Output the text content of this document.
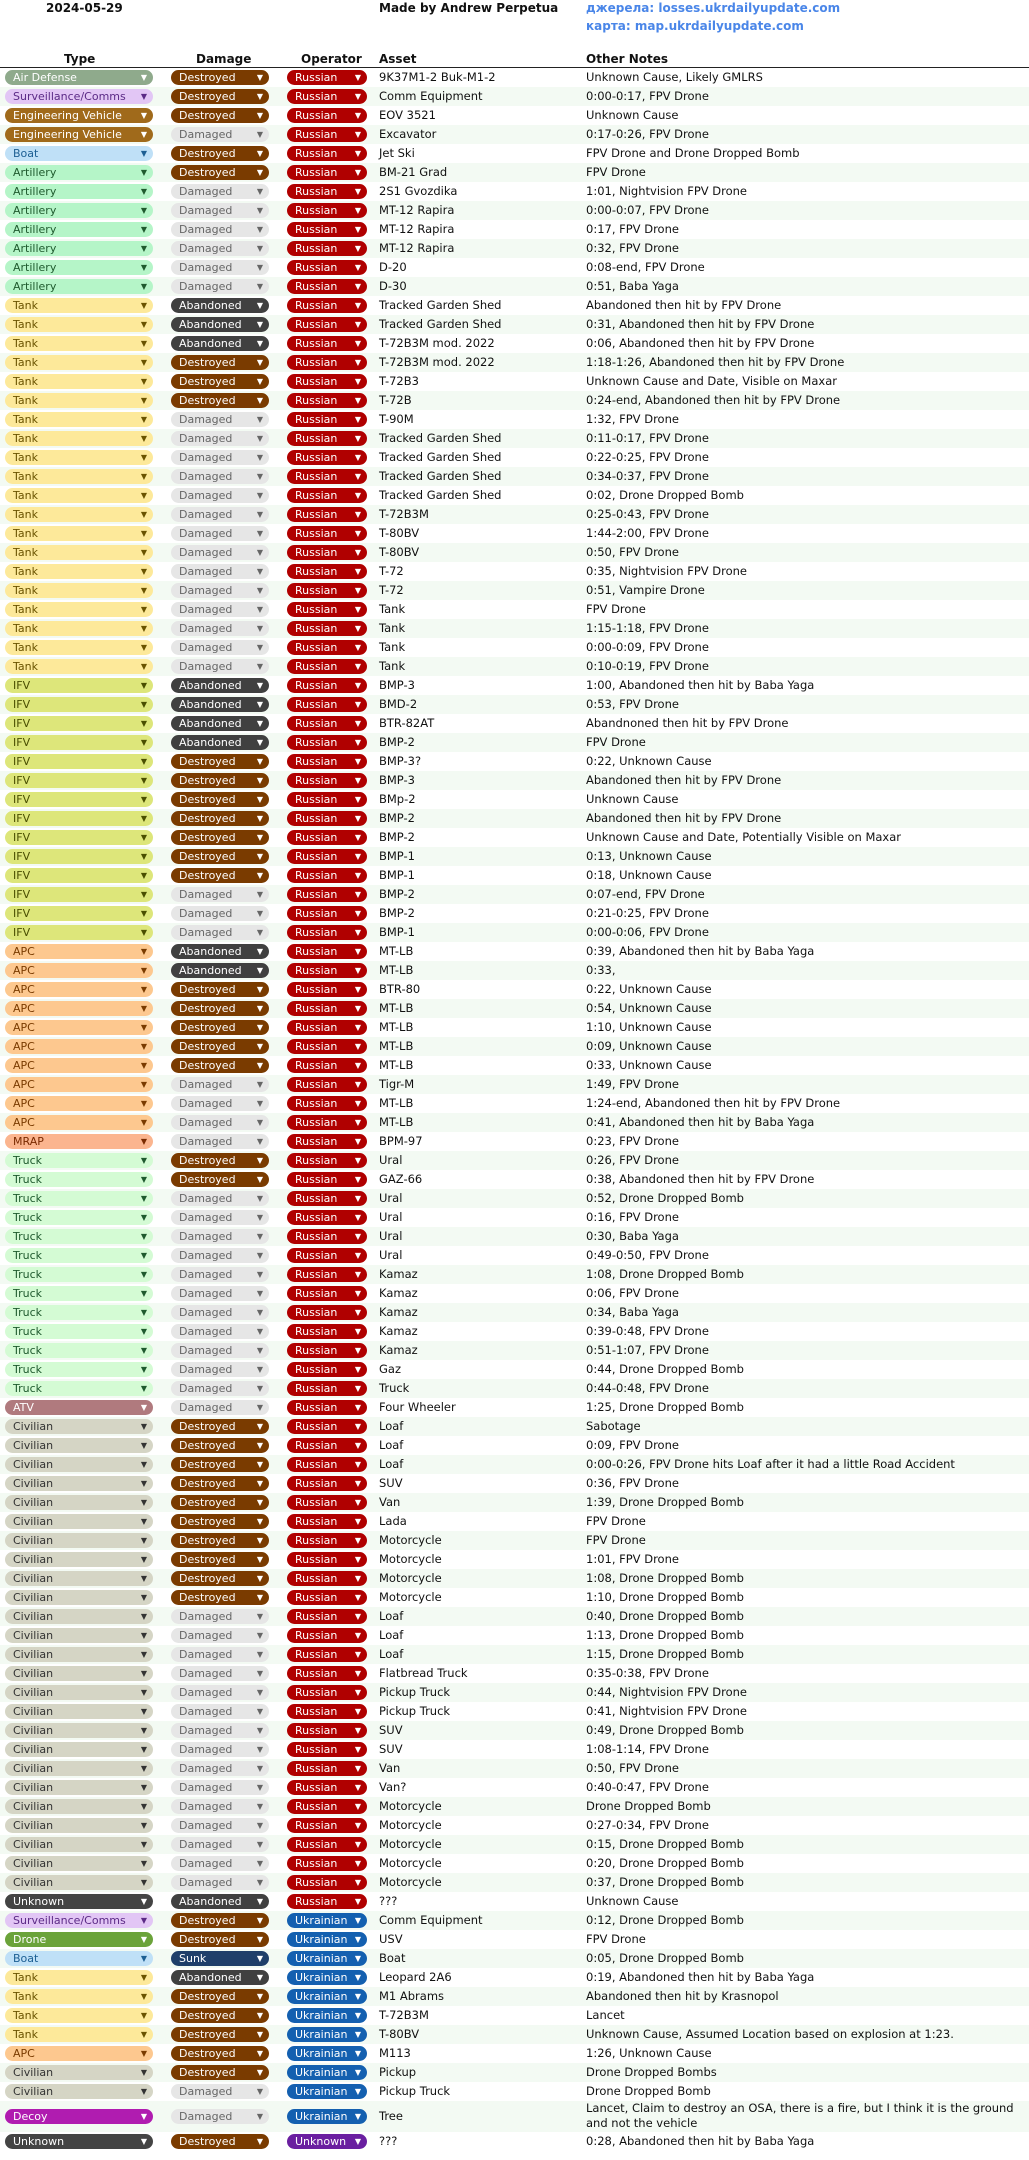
2024-05-29	Made by Andrew Perpetua джерела: losses.ukrdailyupdate.com
карта: map.ukrdailyupdate.com
Type	Damage	Operator Asset	Other Notes
Air Defense	▼	Destroyed	▼	Russian ▼ 9K37M1-2 Buk-M1-2	Unknown Cause, Likely GMLRS
Surveillance/Comms ▼	Destroyed	▼	Russian ▼ Comm Equipment	0:00-0:17, FPV Drone
Engineering Vehicle ▼	Destroyed	▼	Russian ▼ EOV 3521	Unknown Cause
Engineering Vehicle ▼	Damaged	▼	Russian ▼ Excavator	0:17-0:26, FPV Drone
Boat	▼	Destroyed	▼	Russian ▼ Jet Ski	FPV Drone and Drone Dropped Bomb
Artillery	▼	Destroyed	▼	Russian ▼ BM-21 Grad	FPV Drone
Artillery	▼	Damaged	▼	Russian ▼ 2S1 Gvozdika	1:01, Nightvision FPV Drone
Artillery	▼	Damaged	▼	Russian ▼ MT-12 Rapira	0:00-0:07, FPV Drone
Artillery	▼	Damaged	▼	Russian ▼ MT-12 Rapira	0:17, FPV Drone
Artillery	▼	Damaged	▼	Russian ▼ MT-12 Rapira	0:32, FPV Drone
Artillery	▼	Damaged	▼	Russian ▼ D-20	0:08-end, FPV Drone
Artillery	▼	Damaged	▼	Russian ▼ D-30	0:51, Baba Yaga
Tank	▼	Abandoned ▼	Russian ▼ Tracked Garden Shed	Abandoned then hit by FPV Drone
Tank	▼	Abandoned ▼	Russian ▼ Tracked Garden Shed	0:31, Abandoned then hit by FPV Drone
Tank	▼	Abandoned ▼	Russian ▼ T-72B3M mod. 2022	0:06, Abandoned then hit by FPV Drone
Tank	▼	Destroyed	▼	Russian ▼ T-72B3M mod. 2022	1:18-1:26, Abandoned then hit by FPV Drone
Tank	▼	Destroyed	▼	Russian ▼ T-72B3	Unknown Cause and Date, Visible on Maxar
Tank	▼	Destroyed	▼	Russian ▼ T-72B	0:24-end, Abandoned then hit by FPV Drone
Tank	▼	Damaged	▼	Russian ▼ T-90M	1:32, FPV Drone
Tank	▼	Damaged	▼	Russian ▼ Tracked Garden Shed	0:11-0:17, FPV Drone
Tank	▼	Damaged	▼	Russian ▼ Tracked Garden Shed	0:22-0:25, FPV Drone
Tank	▼	Damaged	▼	Russian ▼ Tracked Garden Shed	0:34-0:37, FPV Drone
Tank	▼	Damaged	▼	Russian ▼ Tracked Garden Shed	0:02, Drone Dropped Bomb
Tank	▼	Damaged	▼	Russian ▼ T-72B3M	0:25-0:43, FPV Drone
Tank	▼	Damaged	▼	Russian ▼ T-80BV	1:44-2:00, FPV Drone
Tank	▼	Damaged	▼	Russian ▼ T-80BV	0:50, FPV Drone
Tank	▼	Damaged	▼	Russian ▼ T-72	0:35, Nightvision FPV Drone
Tank	▼	Damaged	▼	Russian ▼ T-72	0:51, Vampire Drone
Tank	▼	Damaged	▼	Russian ▼ Tank	FPV Drone
Tank	▼	Damaged	▼	Russian ▼ Tank	1:15-1:18, FPV Drone
Tank	▼	Damaged	▼	Russian ▼ Tank	0:00-0:09, FPV Drone
Tank	▼	Damaged	▼	Russian ▼ Tank	0:10-0:19, FPV Drone
IFV	▼	Abandoned ▼	Russian ▼ BMP-3	1:00, Abandoned then hit by Baba Yaga
IFV	▼	Abandoned ▼	Russian ▼ BMD-2	0:53, FPV Drone
IFV	▼	Abandoned ▼	Russian ▼ BTR-82AT	Abandnoned then hit by FPV Drone
IFV	▼	Abandoned ▼	Russian ▼ BMP-2	FPV Drone
IFV	▼	Destroyed	▼	Russian ▼ BMP-3?	0:22, Unknown Cause
IFV	▼	Destroyed	▼	Russian ▼ BMP-3	Abandoned then hit by FPV Drone
IFV	▼	Destroyed	▼	Russian ▼ BMp-2	Unknown Cause
IFV	▼	Destroyed	▼	Russian ▼ BMP-2	Abandoned then hit by FPV Drone
IFV	▼	Destroyed	▼	Russian ▼ BMP-2	Unknown Cause and Date, Potentially Visible on Maxar
IFV	▼	Destroyed	▼	Russian ▼ BMP-1	0:13, Unknown Cause
IFV	▼	Destroyed	▼	Russian ▼ BMP-1	0:18, Unknown Cause
IFV	▼	Damaged	▼	Russian ▼ BMP-2	0:07-end, FPV Drone
IFV	▼	Damaged	▼	Russian ▼ BMP-2	0:21-0:25, FPV Drone
IFV	▼	Damaged	▼	Russian ▼ BMP-1	0:00-0:06, FPV Drone
APC	▼	Abandoned ▼	Russian ▼ MT-LB	0:39, Abandoned then hit by Baba Yaga
APC	▼	Abandoned ▼	Russian ▼ MT-LB	0:33,
APC	▼	Destroyed	▼	Russian ▼ BTR-80	0:22, Unknown Cause
APC	▼	Destroyed	▼	Russian ▼ MT-LB	0:54, Unknown Cause
APC	▼	Destroyed	▼	Russian ▼ MT-LB	1:10, Unknown Cause
APC	▼	Destroyed	▼	Russian ▼ MT-LB	0:09, Unknown Cause
APC	▼	Destroyed	▼	Russian ▼ MT-LB	0:33, Unknown Cause
APC	▼	Damaged	▼	Russian ▼ Tigr-M	1:49, FPV Drone
APC	▼	Damaged	▼	Russian ▼ MT-LB	1:24-end, Abandoned then hit by FPV Drone
APC	▼	Damaged	▼	Russian ▼ MT-LB	0:41, Abandoned then hit by Baba Yaga
MRAP	▼	Damaged	▼	Russian ▼ BPM-97	0:23, FPV Drone
Truck	▼	Destroyed	▼	Russian ▼ Ural	0:26, FPV Drone
Truck	▼	Destroyed	▼	Russian ▼ GAZ-66	0:38, Abandoned then hit by FPV Drone
Truck	▼	Damaged	▼	Russian ▼ Ural	0:52, Drone Dropped Bomb
Truck	▼	Damaged	▼	Russian ▼ Ural	0:16, FPV Drone
Truck	▼	Damaged	▼	Russian ▼ Ural	0:30, Baba Yaga
Truck	▼	Damaged	▼	Russian ▼ Ural	0:49-0:50, FPV Drone
Truck	▼	Damaged	▼	Russian ▼ Kamaz	1:08, Drone Dropped Bomb
Truck	▼	Damaged	▼	Russian ▼ Kamaz	0:06, FPV Drone
Truck	▼	Damaged	▼	Russian ▼ Kamaz	0:34, Baba Yaga
Truck	▼	Damaged	▼	Russian ▼ Kamaz	0:39-0:48, FPV Drone
Truck	▼	Damaged	▼	Russian ▼ Kamaz	0:51-1:07, FPV Drone
Truck	▼	Damaged	▼	Russian ▼ Gaz	0:44, Drone Dropped Bomb
Truck	▼	Damaged	▼	Russian ▼ Truck	0:44-0:48, FPV Drone
ATV	▼	Damaged	▼	Russian ▼ Four Wheeler	1:25, Drone Dropped Bomb
Civilian	▼	Destroyed	▼	Russian ▼ Loaf	Sabotage
Civilian	▼	Destroyed	▼	Russian ▼ Loaf	0:09, FPV Drone
Civilian	▼	Destroyed	▼	Russian ▼ Loaf	0:00-0:26, FPV Drone hits Loaf after it had a little Road Accident
Civilian	▼	Destroyed	▼	Russian ▼ SUV	0:36, FPV Drone
Civilian	▼	Destroyed	▼	Russian ▼ Van	1:39, Drone Dropped Bomb
Civilian	▼	Destroyed	▼	Russian ▼ Lada	FPV Drone
Civilian	▼	Destroyed	▼	Russian ▼ Motorcycle	FPV Drone
Civilian	▼	Destroyed	▼	Russian ▼ Motorcycle	1:01, FPV Drone
Civilian	▼	Destroyed	▼	Russian ▼ Motorcycle	1:08, Drone Dropped Bomb
Civilian	▼	Destroyed	▼	Russian ▼ Motorcycle	1:10, Drone Dropped Bomb
Civilian	▼	Damaged	▼	Russian ▼ Loaf	0:40, Drone Dropped Bomb
Civilian	▼	Damaged	▼	Russian ▼ Loaf	1:13, Drone Dropped Bomb
Civilian	▼	Damaged	▼	Russian ▼ Loaf	1:15, Drone Dropped Bomb
Civilian	▼	Damaged	▼	Russian ▼ Flatbread Truck	0:35-0:38, FPV Drone
Civilian	▼	Damaged	▼	Russian ▼ Pickup Truck	0:44, Nightvision FPV Drone
Civilian	▼	Damaged	▼	Russian ▼ Pickup Truck	0:41, Nightvision FPV Drone
Civilian	▼	Damaged	▼	Russian ▼ SUV	0:49, Drone Dropped Bomb
Civilian	▼	Damaged	▼	Russian ▼ SUV	1:08-1:14, FPV Drone
Civilian	▼	Damaged	▼	Russian ▼ Van	0:50, FPV Drone
Civilian	▼	Damaged	▼	Russian ▼ Van?	0:40-0:47, FPV Drone
Civilian	▼	Damaged	▼	Russian ▼ Motorcycle	Drone Dropped Bomb
Civilian	▼	Damaged	▼	Russian ▼ Motorcycle	0:27-0:34, FPV Drone
Civilian	▼	Damaged	▼	Russian ▼ Motorcycle	0:15, Drone Dropped Bomb
Civilian	▼	Damaged	▼	Russian ▼ Motorcycle	0:20, Drone Dropped Bomb
Civilian	▼	Damaged	▼	Russian ▼ Motorcycle	0:37, Drone Dropped Bomb
Unknown	▼	Abandoned ▼	Russian ▼ ???	Unknown Cause
Surveillance/Comms ▼	Destroyed	▼	Ukrainian ▼ Comm Equipment	0:12, Drone Dropped Bomb
Drone	▼	Destroyed	▼	Ukrainian ▼ USV	FPV Drone
Boat	▼	Sunk	▼	Ukrainian ▼ Boat	0:05, Drone Dropped Bomb
Tank	▼	Abandoned ▼	Ukrainian ▼ Leopard 2A6	0:19, Abandoned then hit by Baba Yaga
Tank	▼	Destroyed	▼	Ukrainian ▼ M1 Abrams	Abandoned then hit by Krasnopol
Tank	▼	Destroyed	▼	Ukrainian ▼ T-72B3M	Lancet
Tank	▼	Destroyed	▼	Ukrainian ▼ T-80BV	Unknown Cause, Assumed Location based on explosion at 1:23.
APC	▼	Destroyed	▼	Ukrainian ▼ M113	1:26, Unknown Cause
Civilian	▼	Destroyed	▼	Ukrainian ▼ Pickup	Drone Dropped Bombs
Civilian	▼	Damaged	▼	Ukrainian ▼ Pickup Truck	Drone Dropped Bomb
Decoy	▼	Damaged	▼	Ukrainian ▼ Tree
Lancet, Claim to destroy an OSA, there is a fire, but I think it is the ground and not the vehicle
Unknown	▼	Destroyed	▼	Unknown ▼ ???	0:28, Abandoned then hit by Baba Yaga
